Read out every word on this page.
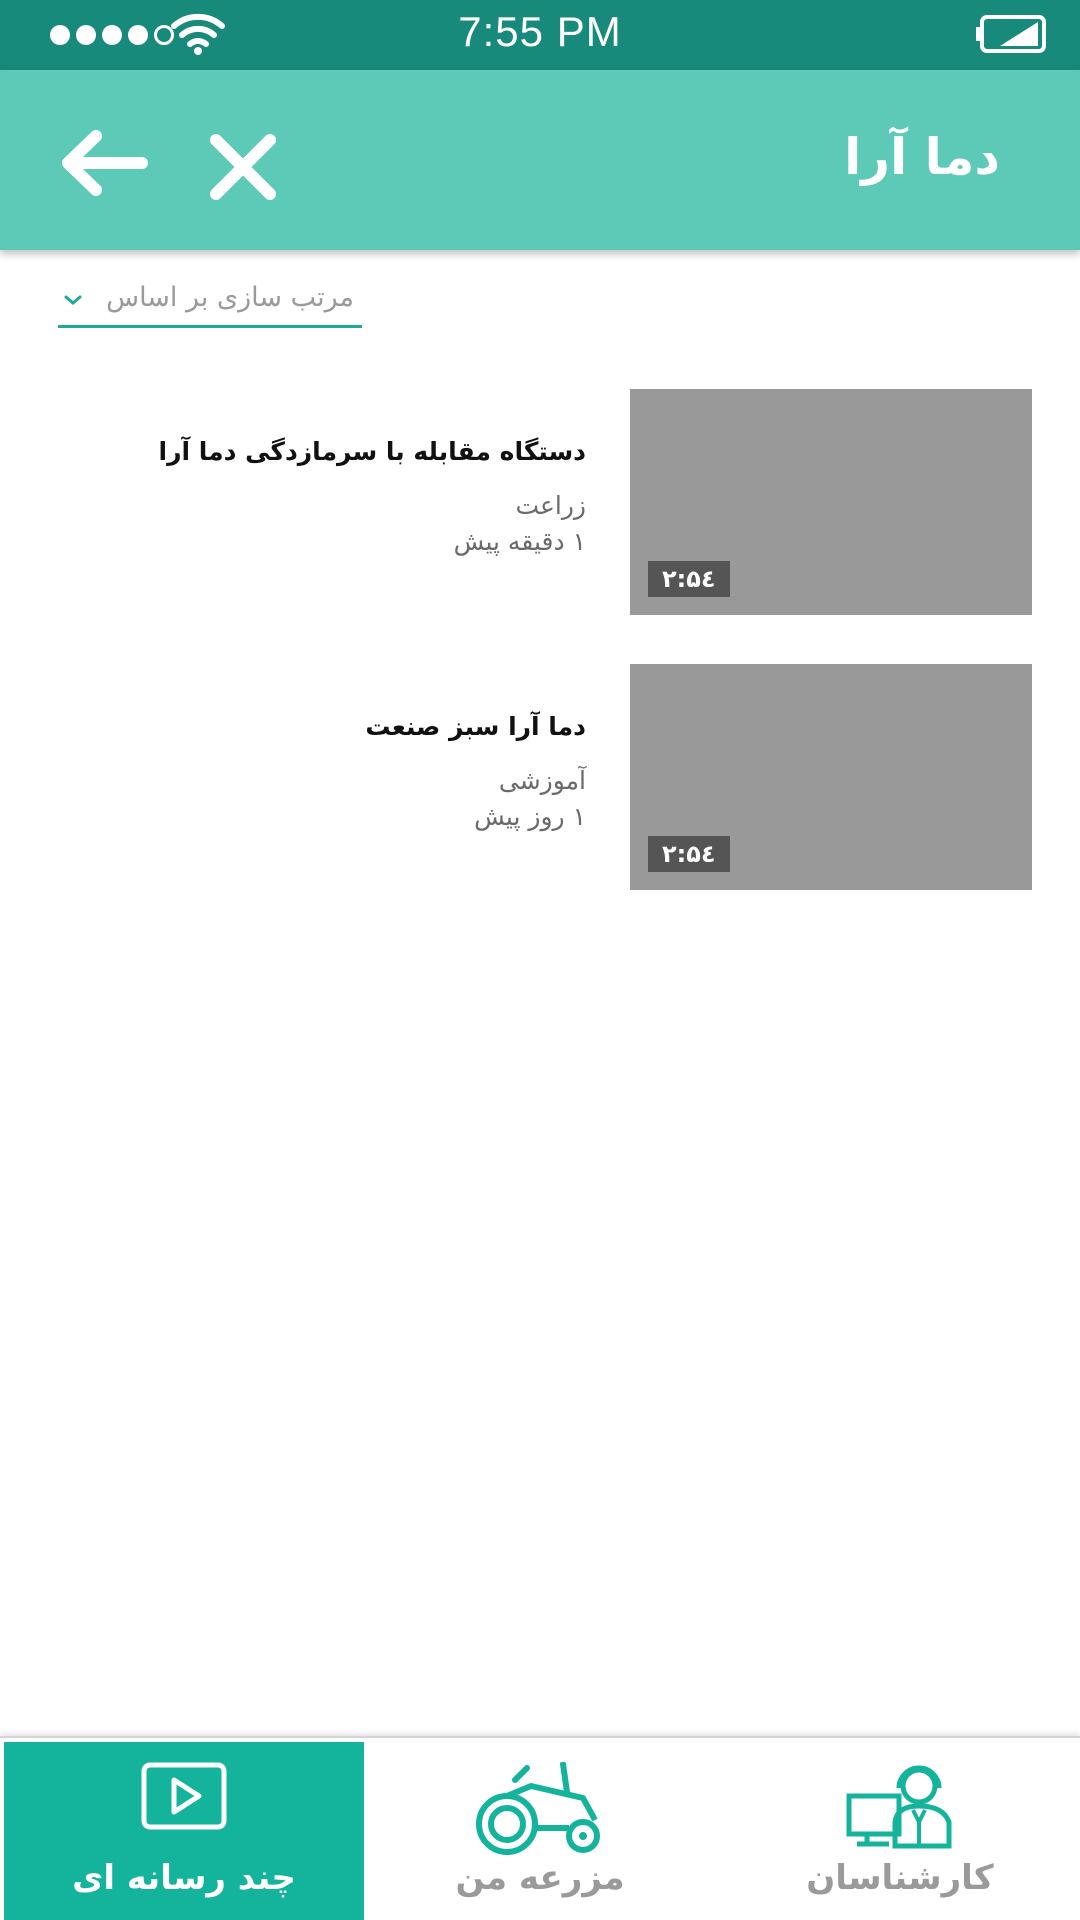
7:55 PM
دما آرا
مرتب سازی بر اساس
۲:۵٤
دستگاه مقابله با سرمازدگی دما آرا
زراعت
۱ دقیقه پیش
۲:۵٤
دما آرا سبز صنعت
آموزشی
۱ روز پیش
چند رسانه ای	مزرعه من	کارشناسان
